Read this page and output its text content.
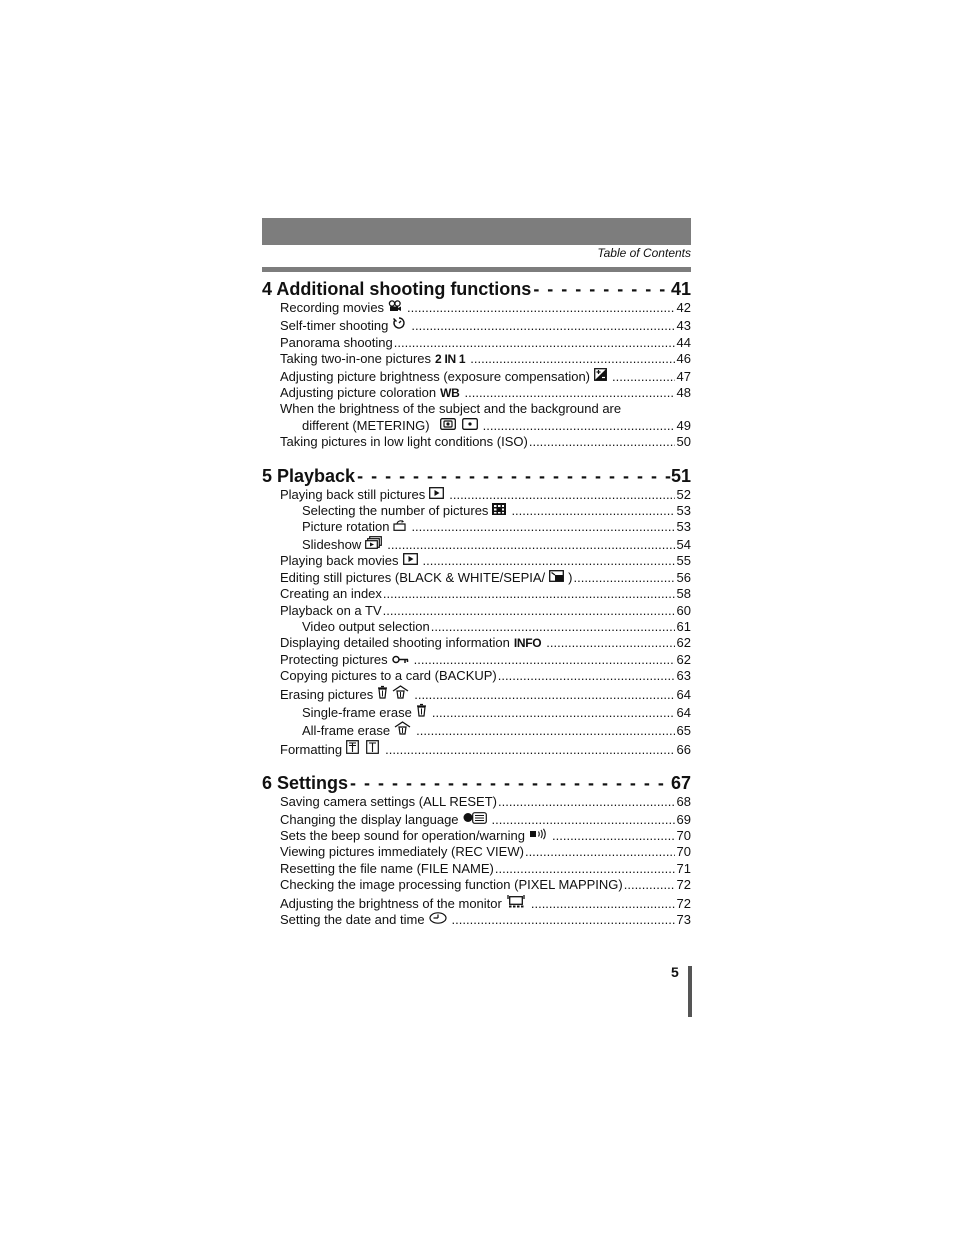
Table of Contents
4 Additional shooting functions - - -	41
Recording movies .....	42
Self-timer shooting .....	43
Panorama shooting .....	44
Taking two-in-one pictures 2 IN 1 .....	46
Adjusting picture brightness (exposure compensation) .....	47
Adjusting picture coloration WB .....	48
When the brightness of the subject and the background are
different (METERING) .....	49
Taking pictures in low light conditions (ISO) .....	50
5 Playback - - -	51
Playing back still pictures .....	52
Selecting the number of pictures .....	53
Picture rotation .....	53
Slideshow .....	54
Playing back movies .....	55
Editing still pictures (BLACK & WHITE/SEPIA/ ) .....	56
Creating an index .....	58
Playback on a TV .....	60
Video output selection .....	61
Displaying detailed shooting information INFO .....	62
Protecting pictures .....	62
Copying pictures to a card (BACKUP) .....	63
Erasing pictures .....	64
Single-frame erase .....	64
All-frame erase .....	65
Formatting .....	66
6 Settings - - -	67
Saving camera settings (ALL RESET) .....	68
Changing the display language .....	69
Sets the beep sound for operation/warning .....	70
Viewing pictures immediately (REC VIEW) .....	70
Resetting the file name (FILE NAME) .....	71
Checking the image processing function (PIXEL MAPPING) .....	72
Adjusting the brightness of the monitor .....	72
Setting the date and time .....	73
5
